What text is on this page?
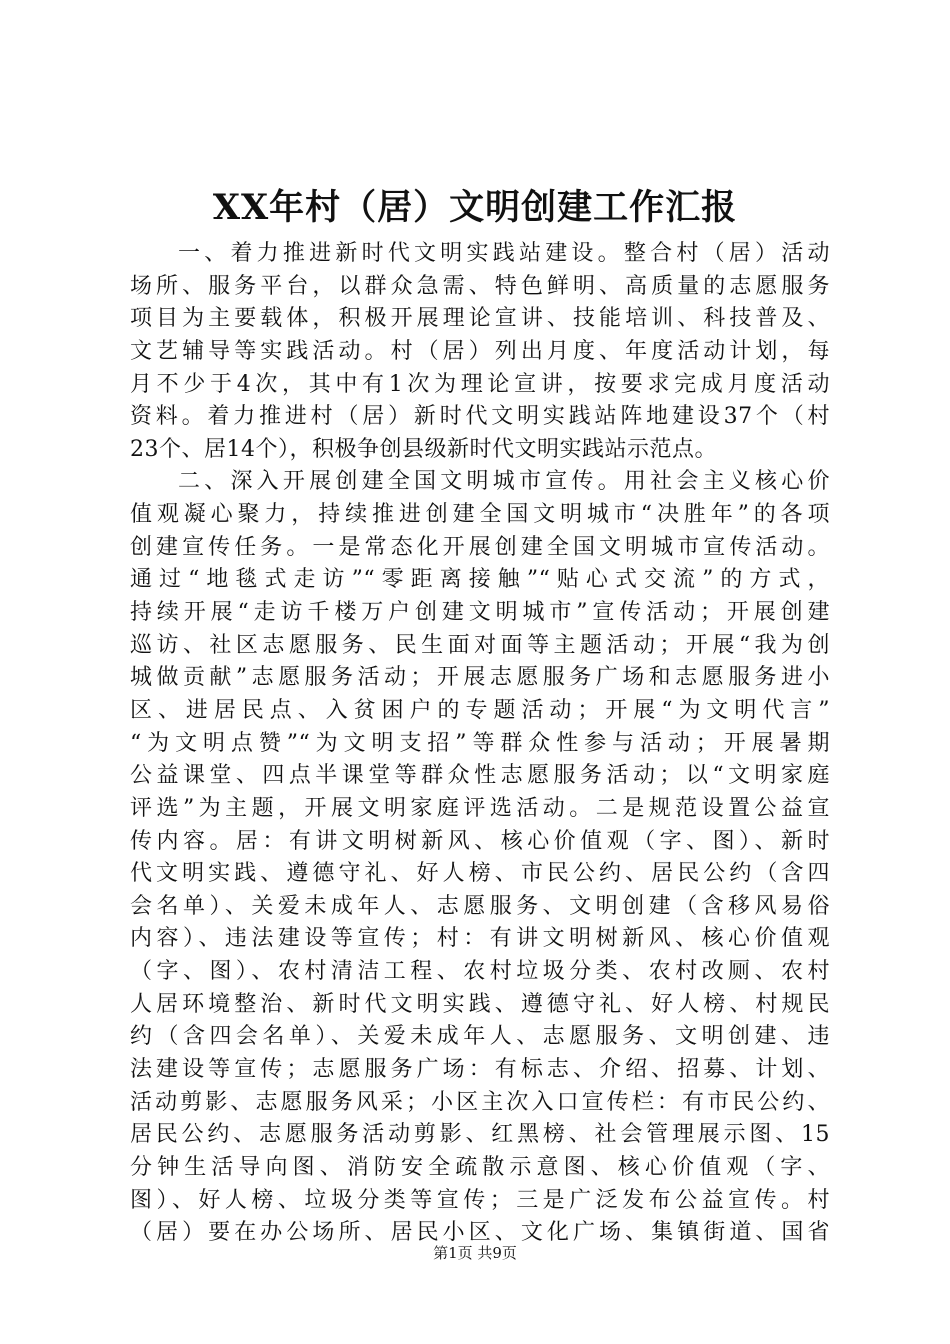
XX年村（居）文明创建工作汇报
一、着力推进新时代文明实践站建设。整合村（居）活动
场所、服务平台，以群众急需、特色鲜明、高质量的志愿服务
项目为主要载体，积极开展理论宣讲、技能培训、科技普及、
文艺辅导等实践活动。村（居）列出月度、年度活动计划，每
月不少于4次，其中有1次为理论宣讲，按要求完成月度活动
资料。着力推进村（居）新时代文明实践站阵地建设37个（村
23个、居14个），积极争创县级新时代文明实践站示范点。
二、深入开展创建全国文明城市宣传。用社会主义核心价
值观凝心聚力，持续推进创建全国文明城市“决胜年”的各项
创建宣传任务。一是常态化开展创建全国文明城市宣传活动。
通过“地毯式走访”“零距离接触”“贴心式交流”的方式，
持续开展“走访千楼万户创建文明城市”宣传活动；开展创建
巡访、社区志愿服务、民生面对面等主题活动；开展“我为创
城做贡献”志愿服务活动；开展志愿服务广场和志愿服务进小
区、进居民点、入贫困户的专题活动；开展“为文明代言”
“为文明点赞”“为文明支招”等群众性参与活动；开展暑期
公益课堂、四点半课堂等群众性志愿服务活动；以“文明家庭
评选”为主题，开展文明家庭评选活动。二是规范设置公益宣
传内容。居：有讲文明树新风、核心价值观（字、图）、新时
代文明实践、遵德守礼、好人榜、市民公约、居民公约（含四
会名单）、关爱未成年人、志愿服务、文明创建（含移风易俗
内容）、违法建设等宣传；村：有讲文明树新风、核心价值观
（字、图）、农村清洁工程、农村垃圾分类、农村改厕、农村
人居环境整治、新时代文明实践、遵德守礼、好人榜、村规民
约（含四会名单）、关爱未成年人、志愿服务、文明创建、违
法建设等宣传；志愿服务广场：有标志、介绍、招募、计划、
活动剪影、志愿服务风采；小区主次入口宣传栏：有市民公约、
居民公约、志愿服务活动剪影、红黑榜、社会管理展示图、15
分钟生活导向图、消防安全疏散示意图、核心价值观（字、
图）、好人榜、垃圾分类等宣传；三是广泛发布公益宣传。村
（居）要在办公场所、居民小区、文化广场、集镇街道、国省
第1页 共9页
